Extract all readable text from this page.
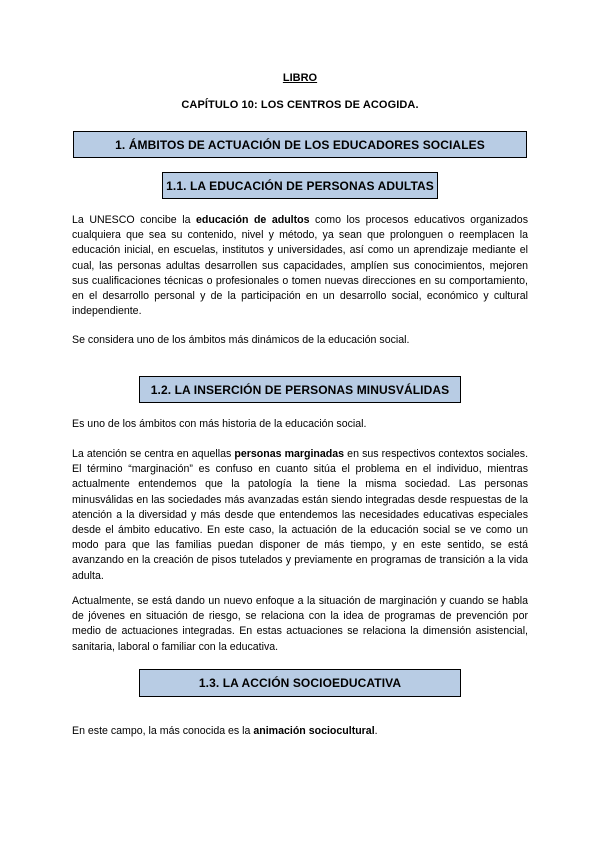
LIBRO
CAPÍTULO 10: LOS CENTROS DE ACOGIDA.
1. ÁMBITOS DE ACTUACIÓN DE LOS EDUCADORES SOCIALES
1.1. LA EDUCACIÓN DE PERSONAS ADULTAS

La UNESCO concibe la educación de adultos como los procesos educativos organizados cualquiera que sea su contenido, nivel y método, ya sean que prolonguen o reemplacen la educación inicial, en escuelas, institutos y universidades, así como un aprendizaje mediante el cual, las personas adultas desarrollen sus capacidades, amplíen sus conocimientos, mejoren sus cualificaciones técnicas o profesionales o tomen nuevas direcciones en su comportamiento, en el desarrollo personal y de la participación en un desarrollo social, económico y cultural independiente.

Se considera uno de los ámbitos más dinámicos de la educación social.

1.2. LA INSERCIÓN DE PERSONAS MINUSVÁLIDAS

Es uno de los ámbitos con más historia de la educación social.

La atención se centra en aquellas personas marginadas en sus respectivos contextos sociales. El término “marginación” es confuso en cuanto sitúa el problema en el individuo, mientras actualmente entendemos que la patología la tiene la misma sociedad. Las personas minusválidas en las sociedades más avanzadas están siendo integradas desde respuestas de la atención a la diversidad y más desde que entendemos las necesidades educativas especiales desde el ámbito educativo. En este caso, la actuación de la educación social se ve como un modo para que las familias puedan disponer de más tiempo, y en este sentido, se está avanzando en la creación de pisos tutelados y previamente en programas de transición a la vida adulta.

Actualmente, se está dando un nuevo enfoque a la situación de marginación y cuando se habla de jóvenes en situación de riesgo, se relaciona con la idea de programas de prevención por medio de actuaciones integradas. En estas actuaciones se relaciona la dimensión asistencial, sanitaria, laboral o familiar con la educativa.

1.3. LA ACCIÓN SOCIOEDUCATIVA

En este campo, la más conocida es la animación sociocultural.
